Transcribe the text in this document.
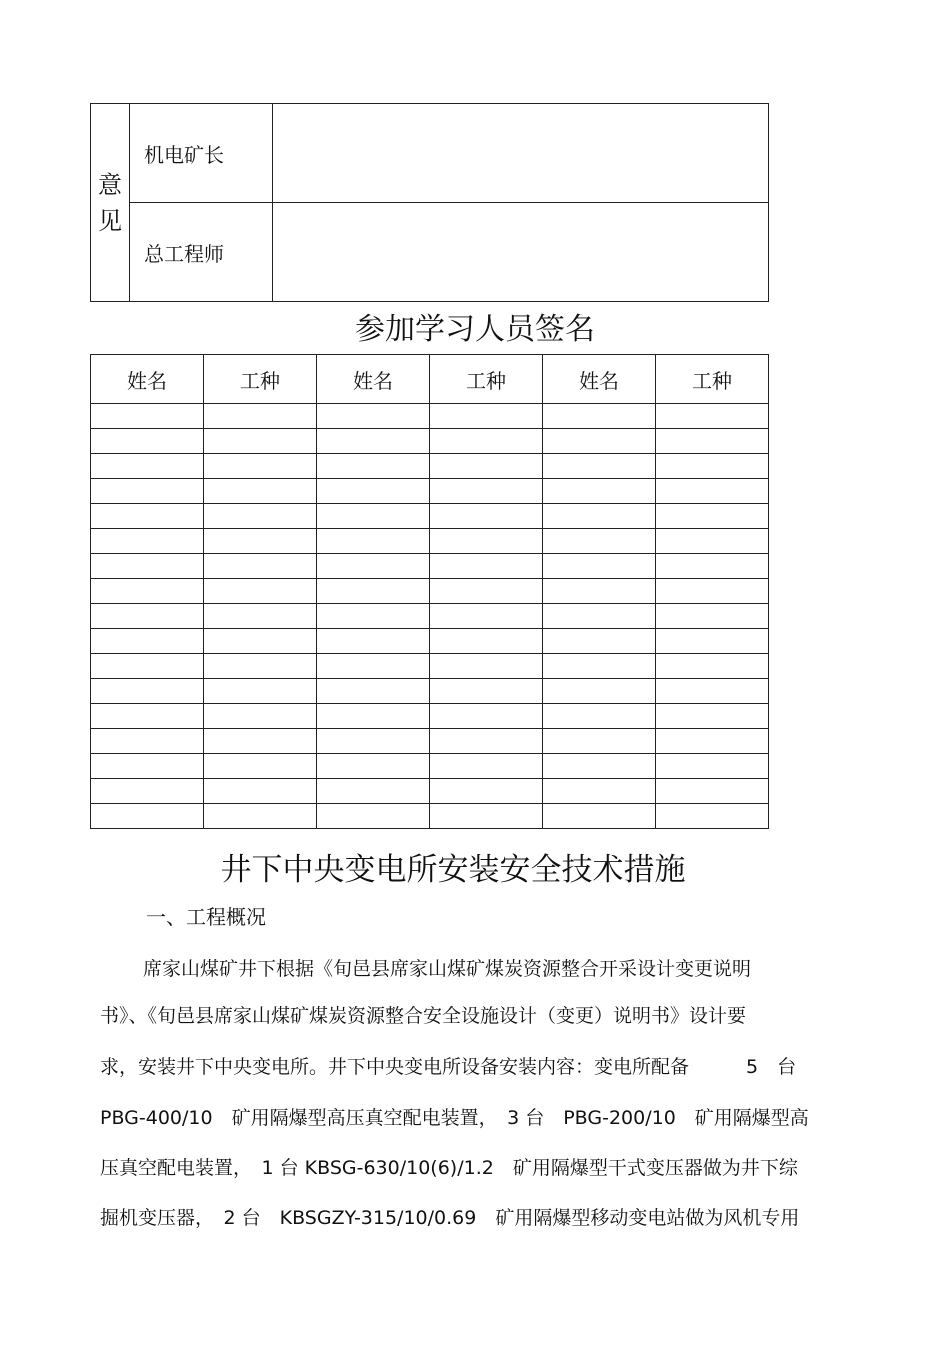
意
见	机电矿长	
	总工程师	
参加学习人员签名
姓名	工种	姓名	工种	姓名	工种

井下中央变电所安装安全技术措施
一、工程概况
席家山煤矿井下根据《旬邑县席家山煤矿煤炭资源整合开采设计变更说明
书》、《旬邑县席家山煤矿煤炭资源整合安全设施设计（变更）说明书》设计要
求，安装井下中央变电所。井下中央变电所设备安装内容：变电所配备　　　5　台
PBG-400/10　矿用隔爆型高压真空配电装置，　3 台　PBG-200/10　矿用隔爆型高
压真空配电装置，　1 台 KBSG-630/10(6)/1.2　矿用隔爆型干式变压器做为井下综
掘机变压器，　2 台　KBSGZY-315/10/0.69　矿用隔爆型移动变电站做为风机专用
